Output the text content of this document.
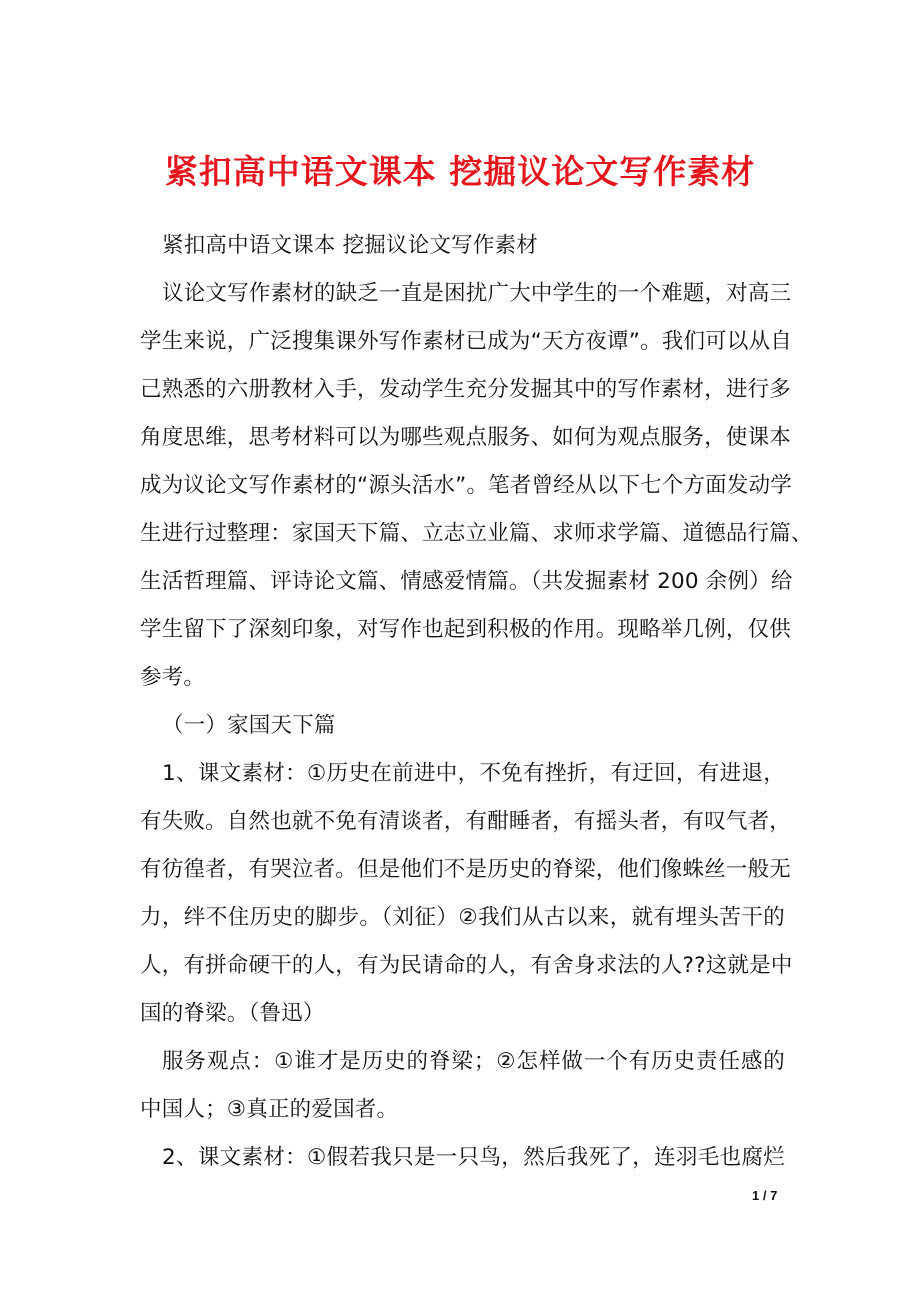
紧扣高中语文课本 挖掘议论文写作素材
紧扣高中语文课本 挖掘议论文写作素材
议论文写作素材的缺乏一直是困扰广大中学生的一个难题，对高三
学生来说，广泛搜集课外写作素材已成为“天方夜谭”。我们可以从自
己熟悉的六册教材入手，发动学生充分发掘其中的写作素材，进行多
角度思维，思考材料可以为哪些观点服务、如何为观点服务，使课本
成为议论文写作素材的“源头活水”。笔者曾经从以下七个方面发动学
生进行过整理：家国天下篇、立志立业篇、求师求学篇、道德品行篇、
生活哲理篇、评诗论文篇、情感爱情篇。（共发掘素材 200 余例）给
学生留下了深刻印象，对写作也起到积极的作用。现略举几例，仅供
参考。
（一）家国天下篇
1、课文素材：①历史在前进中，不免有挫折，有迂回，有进退，
有失败。自然也就不免有清谈者，有酣睡者，有摇头者，有叹气者，
有彷徨者，有哭泣者。但是他们不是历史的脊梁，他们像蛛丝一般无
力，绊不住历史的脚步。（刘征）②我们从古以来，就有埋头苦干的
人，有拼命硬干的人，有为民请命的人，有舍身求法的人??这就是中
国的脊梁。（鲁迅）
服务观点：①谁才是历史的脊梁；②怎样做一个有历史责任感的
中国人；③真正的爱国者。
2、课文素材：①假若我只是一只鸟，然后我死了，连羽毛也腐烂
1 / 7
